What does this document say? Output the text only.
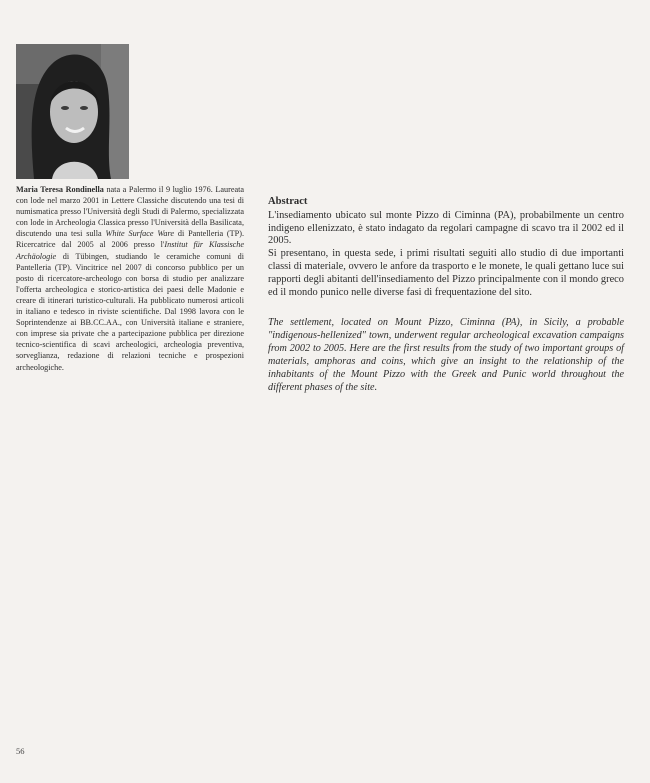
Maria Teresa Rondinella nata a Palermo il 9 luglio 1976. Laureata con lode nel marzo 2001 in Lettere Classiche discutendo una tesi di numismatica presso l'Università degli Studi di Palermo, specializzata con lode in Archeologia Classica presso l'Università della Basilicata, discutendo una tesi sulla White Surface Ware di Pantelleria (TP). Ricercatrice dal 2005 al 2006 presso l'Institut für Klassische Archäologie di Tübingen, studiando le ceramiche comuni di Pantelleria (TP). Vincitrice nel 2007 di concorso pubblico per un posto di ricercatore-archeologo con borsa di studio per analizzare l'offerta archeologica e storico-artistica dei paesi delle Madonie e creare di itinerari turistico-culturali. Ha pubblicato numerosi articoli in italiano e tedesco in riviste scientifiche. Dal 1998 lavora con le Soprintendenze ai BB.CC.AA., con Università italiane e straniere, con imprese sia private che a partecipazione pubblica per direzione tecnico-scientifica di scavi archeologici, archeologia preventiva, sorveglianza, redazione di relazioni tecniche e prospezioni archeologiche.
Abstract

L'insediamento ubicato sul monte Pizzo di Ciminna (PA), probabilmente un centro indigeno ellenizzato, è stato indagato da regolari campagne di scavo tra il 2002 ed il 2005.

Si presentano, in questa sede, i primi risultati seguiti allo studio di due importanti classi di materiale, ovvero le anfore da trasporto e le monete, le quali gettano luce sui rapporti degli abitanti dell'insediamento del Pizzo principalmente con il mondo greco ed il mondo punico nelle diverse fasi di frequentazione del sito.

The settlement, located on Mount Pizzo, Ciminna (PA), in Sicily, a probable "indigenous-hellenized" town, underwent regular archeological excavation campaigns from 2002 to 2005. Here are the first results from the study of two important groups of materials, amphoras and coins, which give an insight to the relationship of the inhabitants of the Mount Pizzo with the Greek and Punic world throughout the different phases of the site.

56
